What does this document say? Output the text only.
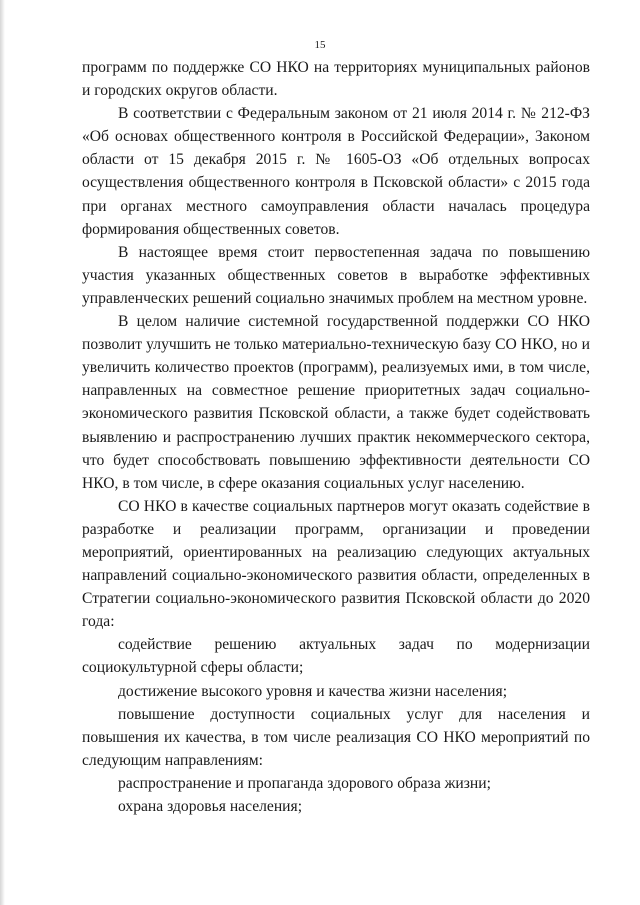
15

программ по поддержке СО НКО на территориях муниципальных районов и городских округов области.

В соответствии с Федеральным законом от 21 июля 2014 г. № 212-ФЗ «Об основах общественного контроля в Российской Федерации», Законом области от 15 декабря 2015 г. № 1605-ОЗ «Об отдельных вопросах осуществления общественного контроля в Псковской области» с 2015 года при органах местного самоуправления области началась процедура формирования общественных советов.

В настоящее время стоит первостепенная задача по повышению участия указанных общественных советов в выработке эффективных управленческих решений социально значимых проблем на местном уровне.

В целом наличие системной государственной поддержки СО НКО позволит улучшить не только материально-техническую базу СО НКО, но и увеличить количество проектов (программ), реализуемых ими, в том числе, направленных на совместное решение приоритетных задач социально-экономического развития Псковской области, а также будет содействовать выявлению и распространению лучших практик некоммерческого сектора, что будет способствовать повышению эффективности деятельности СО НКО, в том числе, в сфере оказания социальных услуг населению.

СО НКО в качестве социальных партнеров могут оказать содействие в разработке и реализации программ, организации и проведении мероприятий, ориентированных на реализацию следующих актуальных направлений социально-экономического развития области, определенных в Стратегии социально-экономического развития Псковской области до 2020 года:

содействие решению актуальных задач по модернизации социокультурной сферы области;

достижение высокого уровня и качества жизни населения;

повышение доступности социальных услуг для населения и повышения их качества, в том числе реализация СО НКО мероприятий по следующим направлениям:

распространение и пропаганда здорового образа жизни;

охрана здоровья населения;
